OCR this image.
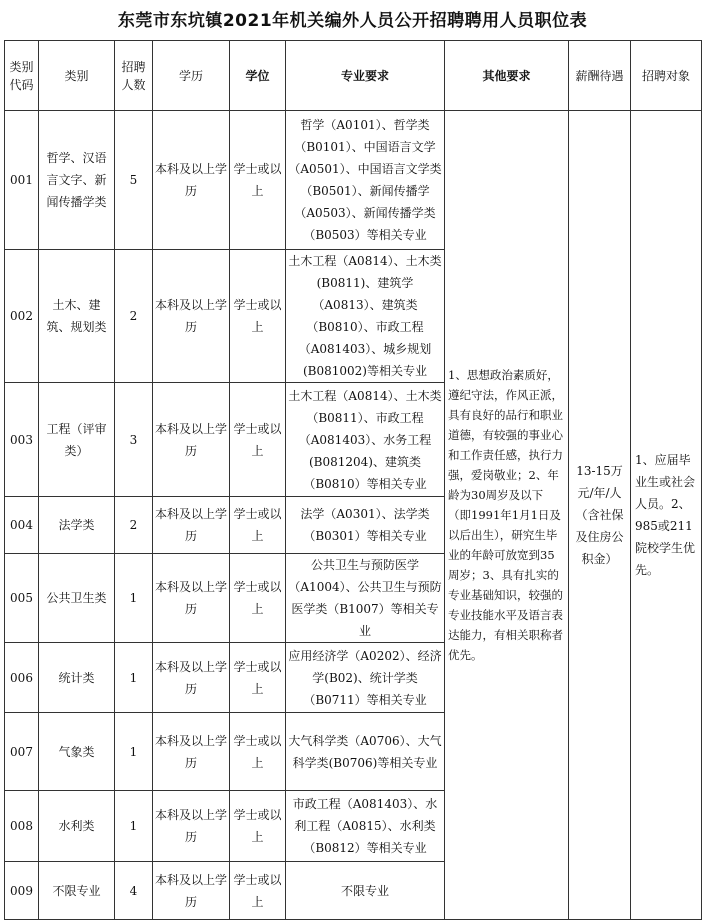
东莞市东坑镇2021年机关编外人员公开招聘聘用人员职位表
类别代码	类别	招聘人数	学历	学位	专业要求	其他要求	薪酬待遇	招聘对象
001	哲学、汉语言文字、新闻传播学类	5	本科及以上学历	学士或以上	哲学（A0101）、哲学类（B0101）、中国语言文学（A0501）、中国语言文学类（B0501）、新闻传播学（A0503）、新闻传播学类（B0503）等相关专业	1、思想政治素质好，遵纪守法，作风正派，具有良好的品行和职业道德，有较强的事业心和工作责任感，执行力强，爱岗敬业；2、年龄为30周岁及以下（即1991年1月1日及以后出生），研究生毕业的年龄可放宽到35周岁；3、具有扎实的专业基础知识，较强的专业技能水平及语言表达能力，有相关职称者优先。	13-15万元/年/人（含社保及住房公积金）	1、应届毕业生或社会人员。2、985或211院校学生优先。
002	土木、建筑、规划类	2	本科及以上学历	学士或以上	土木工程（A0814）、土木类(B0811)、建筑学（A0813）、建筑类（B0810）、市政工程（A081403）、城乡规划(B081002)等相关专业			
003	工程（评审类）	3	本科及以上学历	学士或以上	土木工程（A0814）、土木类（B0811）、市政工程（A081403）、水务工程(B081204)、建筑类（B0810）等相关专业			
004	法学类	2	本科及以上学历	学士或以上	法学（A0301）、法学类（B0301）等相关专业			
005	公共卫生类	1	本科及以上学历	学士或以上	公共卫生与预防医学（A1004）、公共卫生与预防医学类（B1007）等相关专业			
006	统计类	1	本科及以上学历	学士或以上	应用经济学（A0202）、经济学(B02)、统计学类（B0711）等相关专业			
007	气象类	1	本科及以上学历	学士或以上	大气科学类（A0706）、大气科学类(B0706)等相关专业			
008	水利类	1	本科及以上学历	学士或以上	市政工程（A081403）、水利工程（A0815）、水利类（B0812）等相关专业			
009	不限专业	4	本科及以上学历	学士或以上	不限专业			
